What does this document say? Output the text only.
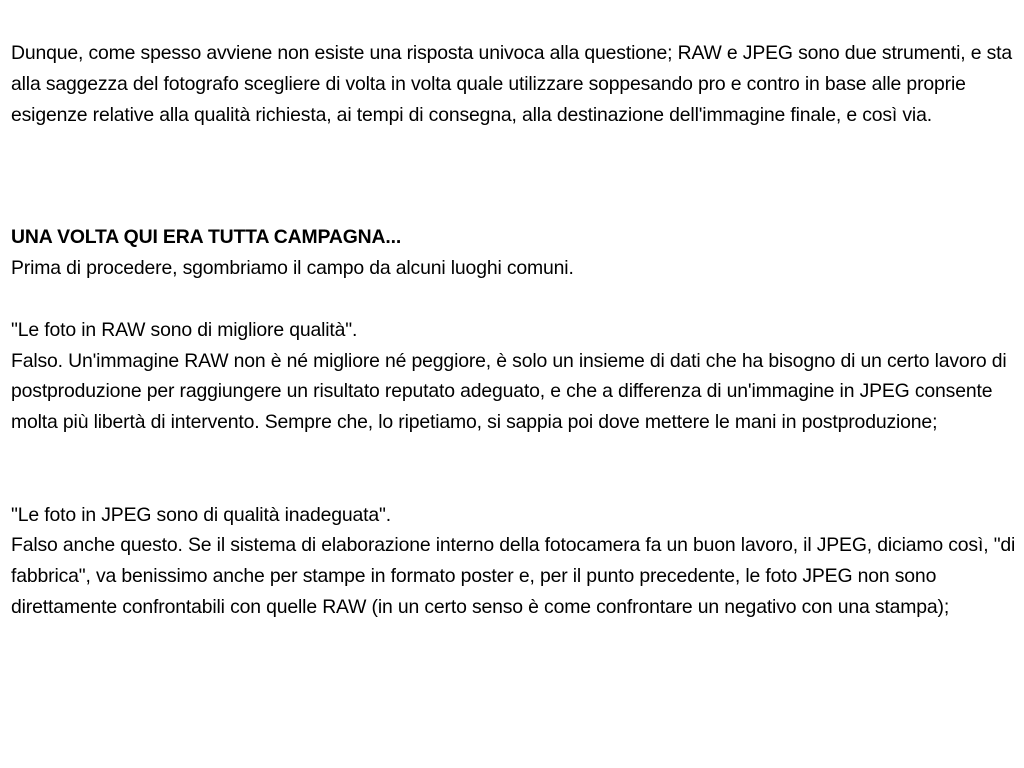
Dunque, come spesso avviene non esiste una risposta univoca alla questione; RAW e JPEG sono due strumenti, e sta alla saggezza del fotografo scegliere di volta in volta quale utilizzare soppesando pro e contro in base alle proprie esigenze relative alla qualità richiesta, ai tempi di consegna, alla destinazione dell'immagine finale, e così via.

UNA VOLTA QUI ERA TUTTA CAMPAGNA...

Prima di procedere, sgombriamo il campo da alcuni luoghi comuni.

"Le foto in RAW sono di migliore qualità".

Falso. Un'immagine RAW non è né migliore né peggiore, è solo un insieme di dati che ha bisogno di un certo lavoro di postproduzione per raggiungere un risultato reputato adeguato, e che a differenza di un'immagine in JPEG consente molta più libertà di intervento. Sempre che, lo ripetiamo, si sappia poi dove mettere le mani in postproduzione;

"Le foto in JPEG sono di qualità inadeguata".

Falso anche questo. Se il sistema di elaborazione interno della fotocamera fa un buon lavoro, il JPEG, diciamo così, "di fabbrica", va benissimo anche per stampe in formato poster e, per il punto precedente, le foto JPEG non sono direttamente confrontabili con quelle RAW (in un certo senso è come confrontare un negativo con una stampa);
